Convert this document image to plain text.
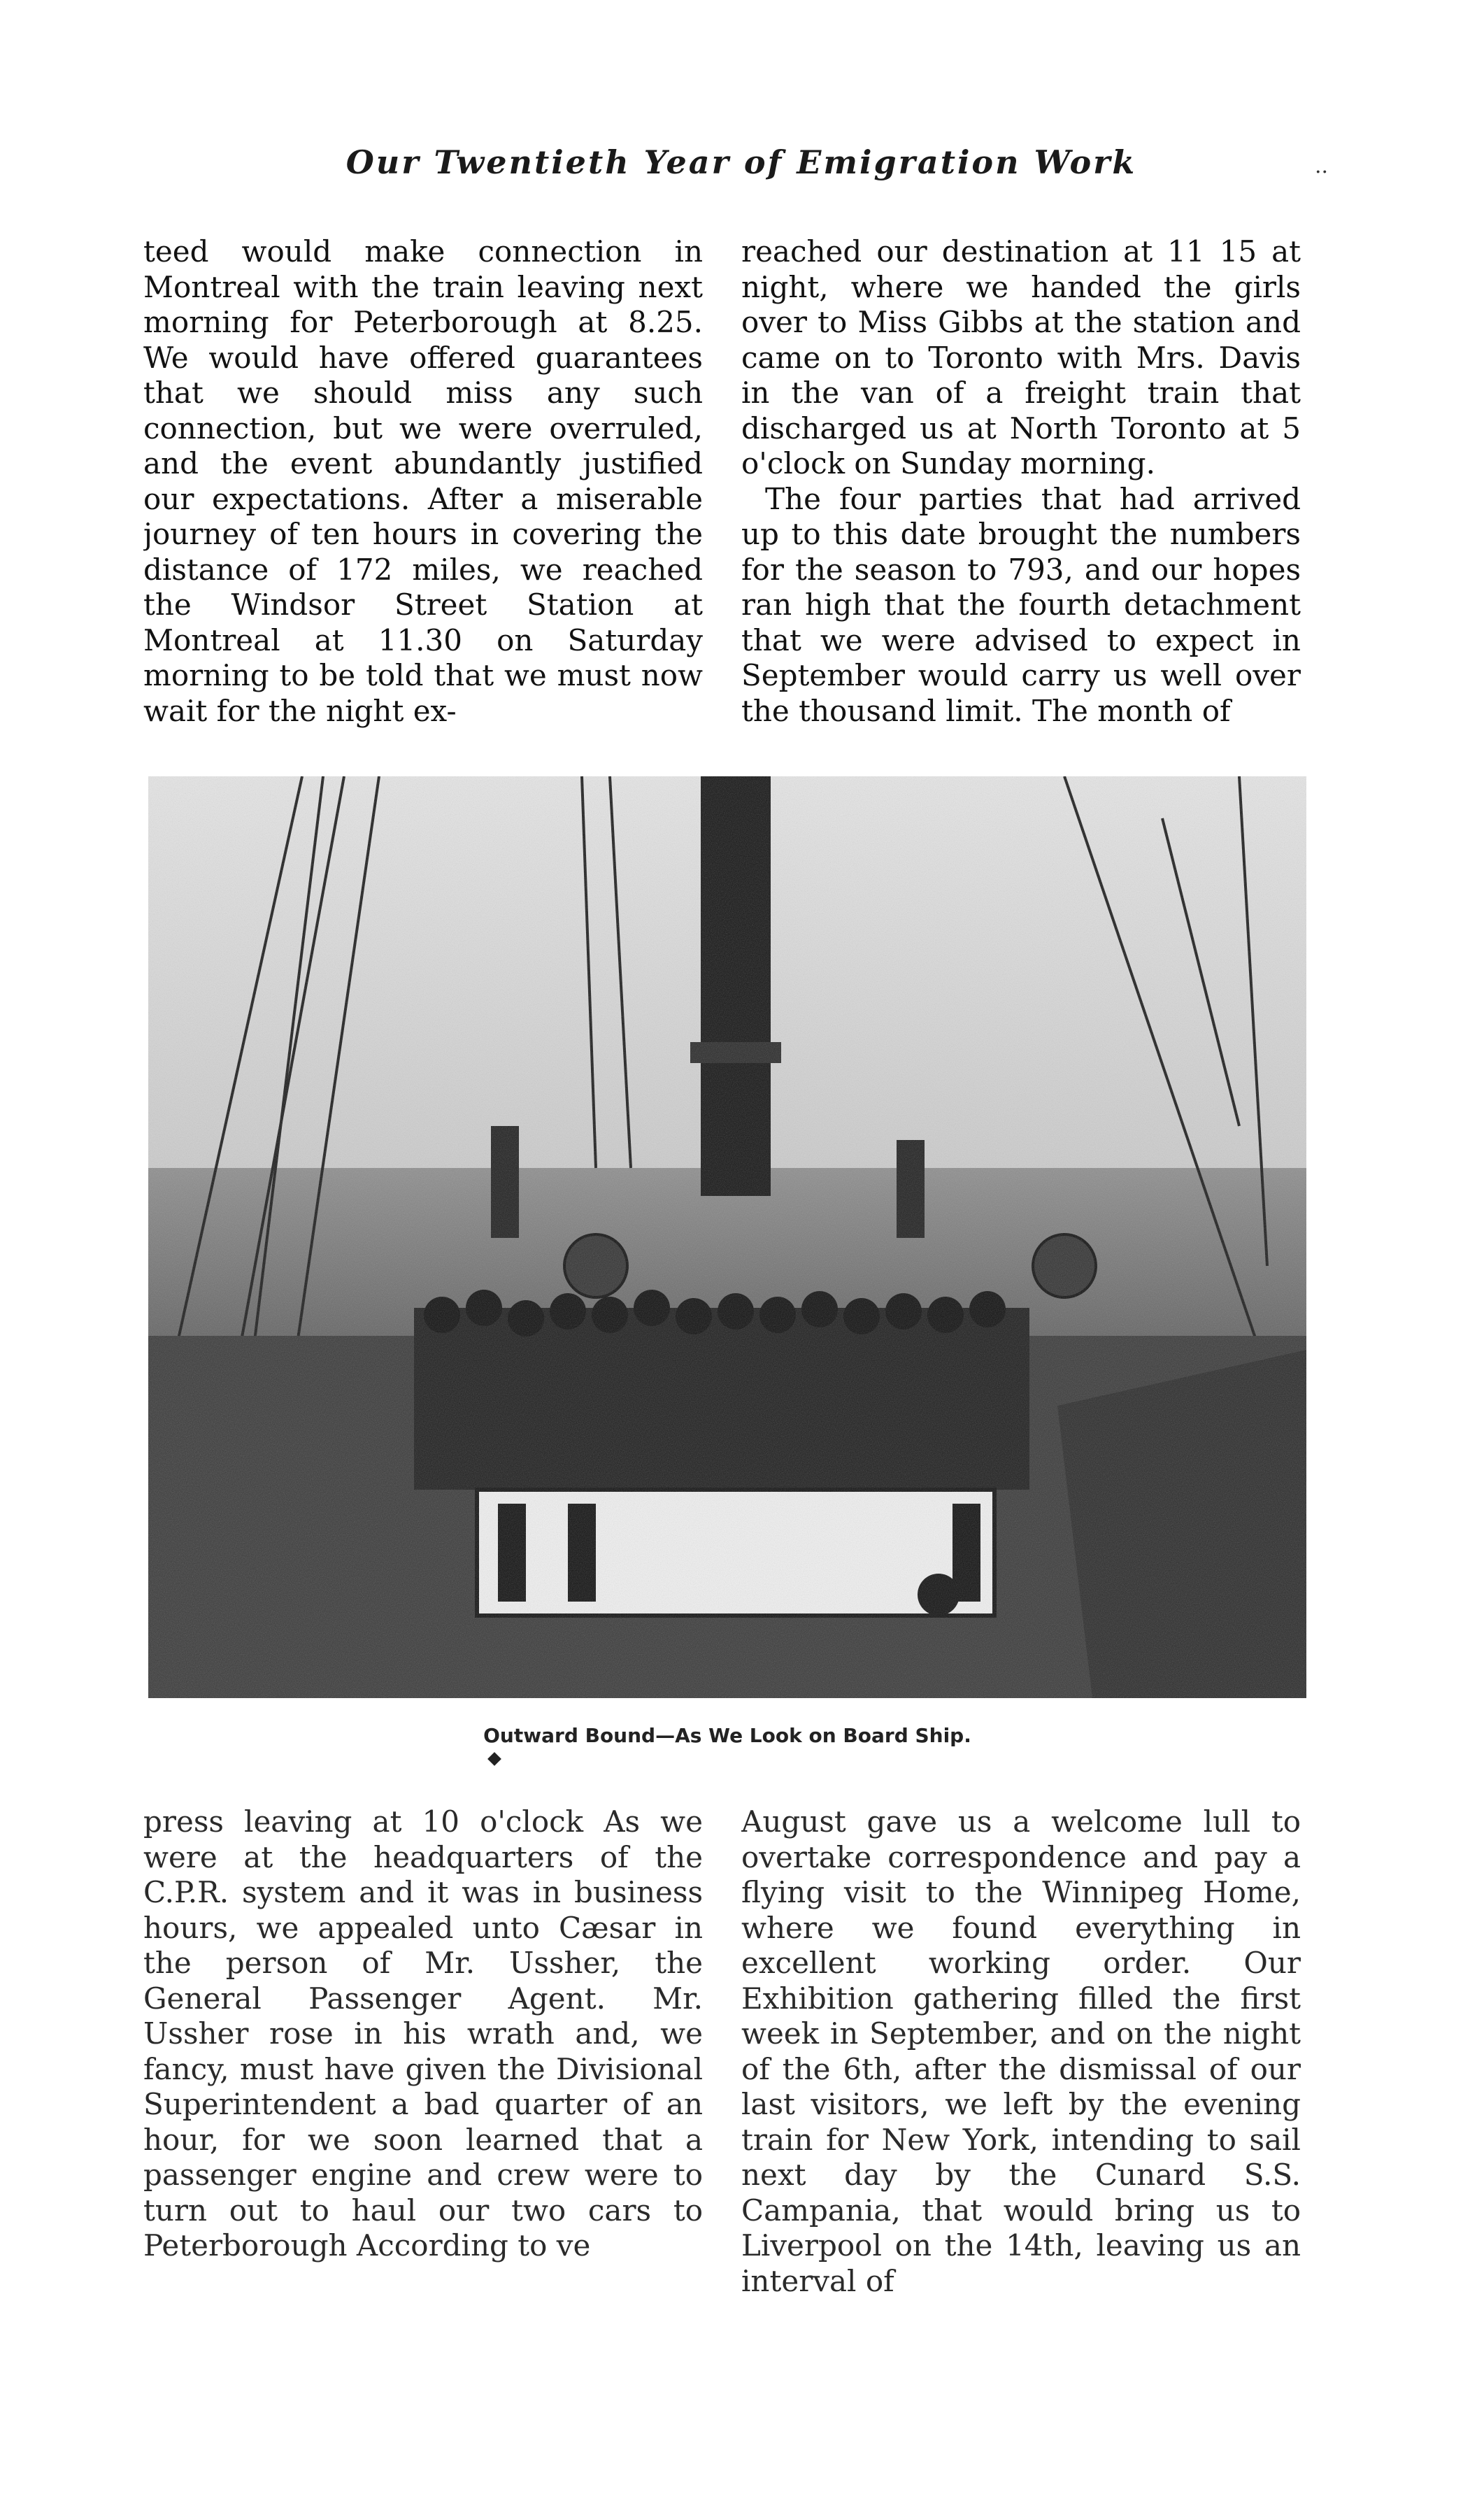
Our Twentieth Year of Emigration Work	..

teed would make connection in Montreal with the train leaving next morning for Peterborough at 8.25. We would have offered guarantees that we should miss any such connection, but we were overruled, and the event abundantly justified our expectations. After a miserable journey of ten hours in covering the distance of 172 miles, we reached the Windsor Street Station at Montreal at 11.30 on Saturday morning to be told that we must now wait for the night ex-

reached our destination at 11 15 at night, where we handed the girls over to Miss Gibbs at the station and came on to Toronto with Mrs. Davis in the van of a freight train that discharged us at North Toronto at 5 o'clock on Sunday morning.

The four parties that had arrived up to this date brought the numbers for the season to 793, and our hopes ran high that the fourth detachment that we were advised to expect in September would carry us well over the thousand limit. The month of

Outward Bound—As We Look on Board Ship.

press leaving at 10 o'clock As we were at the headquarters of the C.P.R. system and it was in business hours, we appealed unto Cæsar in the person of Mr. Ussher, the General Passenger Agent. Mr. Ussher rose in his wrath and, we fancy, must have given the Divisional Superintendent a bad quarter of an hour, for we soon learned that a passenger engine and crew were to turn out to haul our two cars to Peterborough According to ve

August gave us a welcome lull to overtake correspondence and pay a flying visit to the Winnipeg Home, where we found everything in excellent working order. Our Exhibition gathering filled the first week in September, and on the night of the 6th, after the dismissal of our last visitors, we left by the evening train for New York, intending to sail next day by the Cunard S.S. Campania, that would bring us to Liverpool on the 14th, leaving us an interval of
